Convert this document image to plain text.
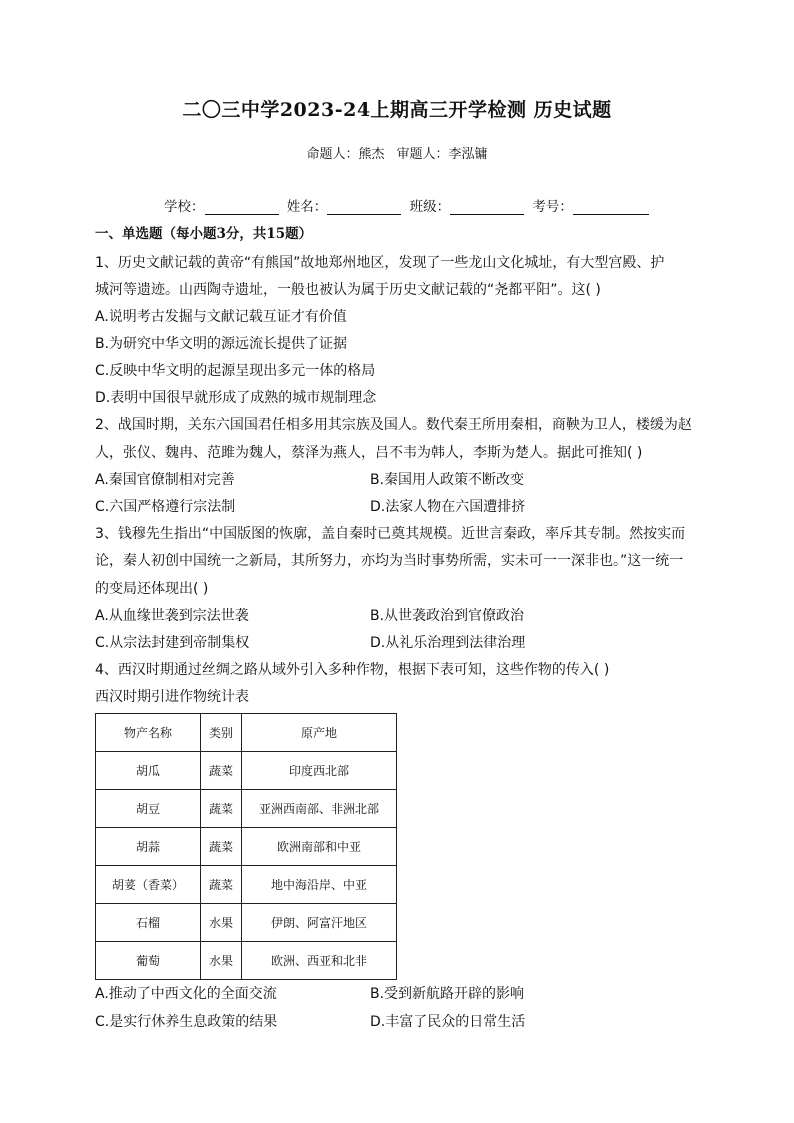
二〇三中学2023-24上期高三开学检测 历史试题
命题人：熊杰 审题人：李泓镛
学校：	姓名：	班级：	考号：
一、单选题（每小题3分，共15题）
1、历史文献记载的黄帝“有熊国”故地郑州地区，发现了一些龙山文化城址，有大型宫殿、护
城河等遗迹。山西陶寺遗址，一般也被认为属于历史文献记载的“尧都平阳”。这( )
A.说明考古发掘与文献记载互证才有价值
B.为研究中华文明的源远流长提供了证据
C.反映中华文明的起源呈现出多元一体的格局
D.表明中国很早就形成了成熟的城市规制理念
2、战国时期，关东六国国君任相多用其宗族及国人。数代秦王所用秦相，商鞅为卫人，楼缓为赵
人，张仪、魏冉、范雎为魏人，蔡泽为燕人，吕不韦为韩人，李斯为楚人。据此可推知( )
A.秦国官僚制相对完善	B.秦国用人政策不断改变
C.六国严格遵行宗法制	D.法家人物在六国遭排挤
3、钱穆先生指出“中国版图的恢廓，盖自秦时已奠其规模。近世言秦政，率斥其专制。然按实而
论，秦人初创中国统一之新局，其所努力，亦均为当时事势所需，实未可一一深非也。”这一统一
的变局还体现出( )
A.从血缘世袭到宗法世袭	B.从世袭政治到官僚政治
C.从宗法封建到帝制集权	D.从礼乐治理到法律治理
4、西汉时期通过丝绸之路从域外引入多种作物，根据下表可知，这些作物的传入( )
西汉时期引进作物统计表
物产名称	类别	原产地
胡瓜	蔬菜	印度西北部
胡豆	蔬菜	亚洲西南部、非洲北部
胡蒜	蔬菜	欧洲南部和中亚
胡荽（香菜）	蔬菜	地中海沿岸、中亚
石榴	水果	伊朗、阿富汗地区
葡萄	水果	欧洲、西亚和北非
A.推动了中西文化的全面交流	B.受到新航路开辟的影响
C.是实行休养生息政策的结果	D.丰富了民众的日常生活
